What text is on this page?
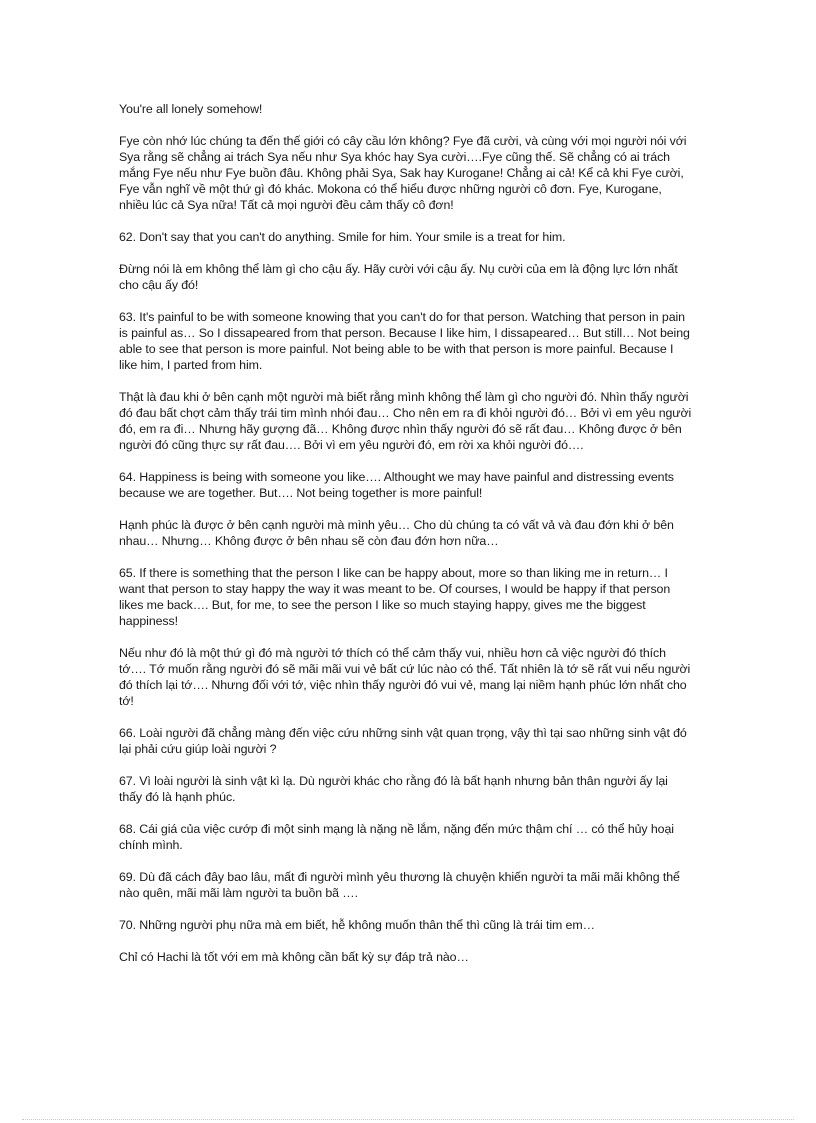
You're all lonely somehow!

Fye còn nhớ lúc chúng ta đến thế giới có cây cầu lớn không? Fye đã cười, và cùng với mọi người nói với Sya rằng sẽ chẳng ai trách Sya nếu như Sya khóc hay Sya cười….Fye cũng thế. Sẽ chẳng có ai trách mắng Fye nếu như Fye buồn đâu. Không phải Sya, Sak hay Kurogane! Chẳng ai cả! Kể cả khi Fye cười, Fye vẫn nghĩ về một thứ gì đó khác. Mokona có thể hiểu được những người cô đơn. Fye, Kurogane, nhiều lúc cả Sya nữa! Tất cả mọi người đều cảm thấy cô đơn!

62. Don't say that you can't do anything. Smile for him. Your smile is a treat for him.

Đừng nói là em không thể làm gì cho cậu ấy. Hãy cười với cậu ấy. Nụ cười của em là động lực lớn nhất cho cậu ấy đó!

63. It's painful to be with someone knowing that you can't do for that person. Watching that person in pain is painful as… So I dissapeared from that person. Because I like him, I dissapeared… But still… Not being able to see that person is more painful. Not being able to be with that person is more painful. Because I like him, I parted from him.

Thật là đau khi ở bên cạnh một người mà biết rằng mình không thể làm gì cho người đó. Nhìn thấy người đó đau bất chợt cảm thấy trái tim mình nhói đau… Cho nên em ra đi khỏi người đó… Bởi vì em yêu người đó, em ra đi… Nhưng hãy gượng đã… Không được nhìn thấy người đó sẽ rất đau… Không được ở bên người đó cũng thực sự rất đau…. Bởi vì em yêu người đó, em rời xa khỏi người đó….

64. Happiness is being with someone you like…. Althought we may have painful and distressing events because we are together. But…. Not being together is more painful!

Hạnh phúc là được ở bên cạnh người mà mình yêu… Cho dù chúng ta có vất vả và đau đớn khi ở bên nhau… Nhưng… Không được ở bên nhau sẽ còn đau đớn hơn nữa…

65. If there is something that the person I like can be happy about, more so than liking me in return… I want that person to stay happy the way it was meant to be. Of courses, I would be happy if that person likes me back…. But, for me, to see the person I like so much staying happy, gives me the biggest happiness!

Nếu như đó là một thứ gì đó mà người tớ thích có thể cảm thấy vui, nhiều hơn cả việc người đó thích tớ…. Tớ muốn rằng người đó sẽ mãi mãi vui vẻ bất cứ lúc nào có thể. Tất nhiên là tớ sẽ rất vui nếu người đó thích lại tớ…. Nhưng đối với tớ, việc nhìn thấy người đó vui vẻ, mang lại niềm hạnh phúc lớn nhất cho tớ!

66. Loài người đã chẳng màng đến việc cứu những sinh vật quan trọng, vậy thì tại sao những sinh vật đó lại phải cứu giúp loài người ?

67. Vì loài người là sinh vật kì lạ. Dù người khác cho rằng đó là bất hạnh nhưng bản thân người ấy lại thấy đó là hạnh phúc.

68. Cái giá của việc cướp đi một sinh mạng là nặng nề lắm, nặng đến mức thậm chí … có thể hủy hoại chính mình.

69. Dù đã cách đây bao lâu, mất đi người mình yêu thương là chuyện khiến người ta mãi mãi không thể nào quên, mãi mãi làm người ta buồn bã ….

70. Những người phụ nữa mà em biết, hễ không muốn thân thể thì cũng là trái tim em…

Chỉ có Hachi là tốt với em mà không cần bất kỳ sự đáp trả nào…
